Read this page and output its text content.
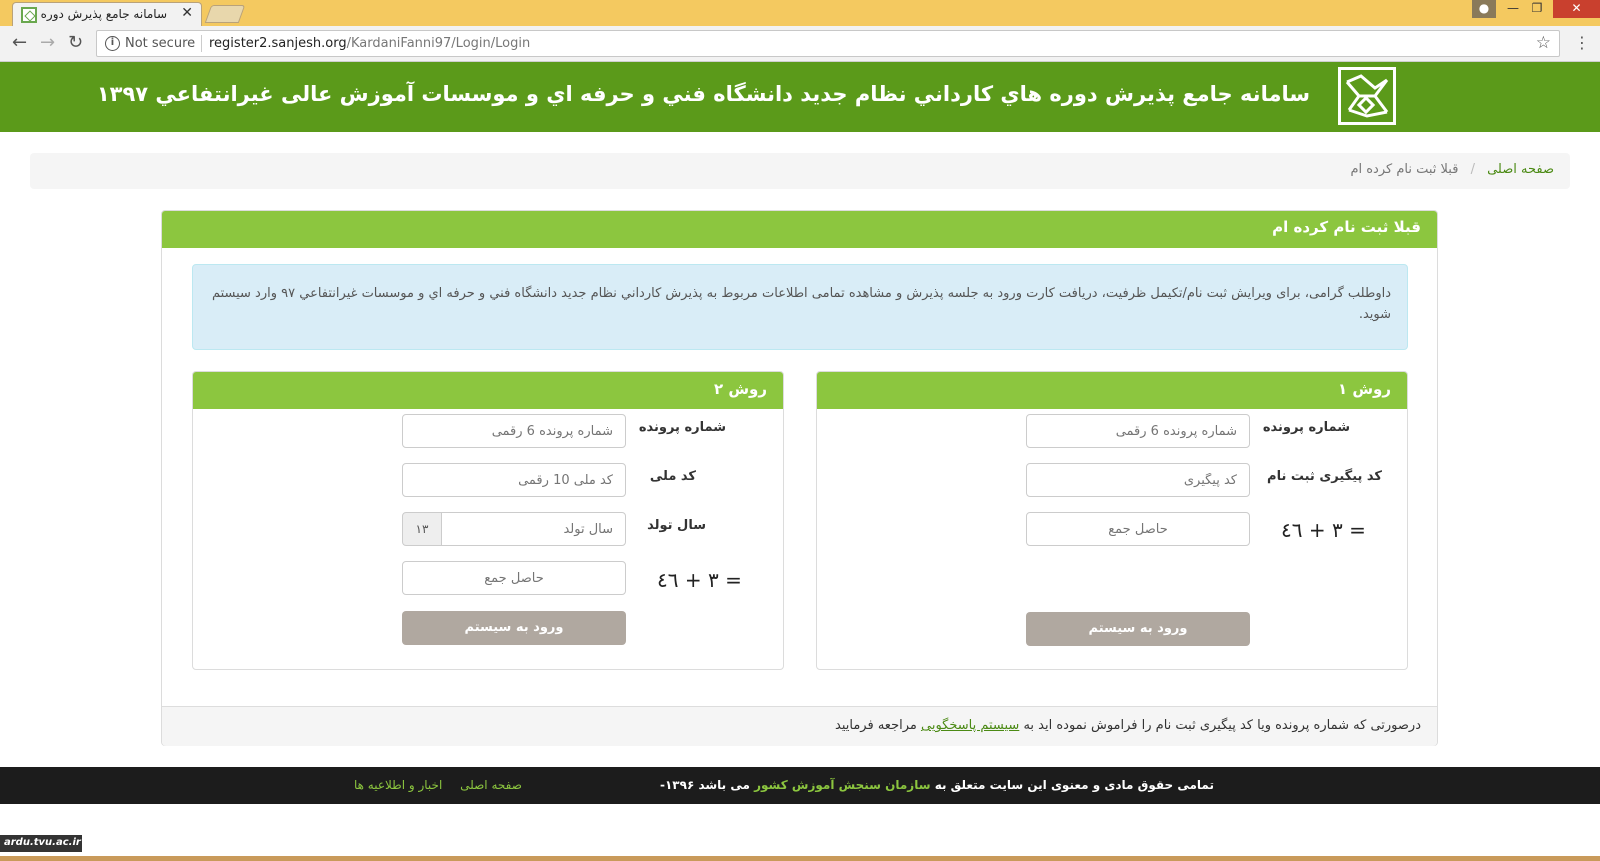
سامانه جامع پذيرش دوره ✕	●	—	❐	✕
← → ↻	i Not secure register2.sanjesh.org/KardaniFanni97/Login/Login	☆ ⋮
سامانه جامع پذيرش دوره هاي كارداني نظام جديد دانشگاه فني و حرفه اي و موسسات آموزش عالی غيرانتفاعي ۱۳۹۷
صفحه اصلی / قبلا ثبت نام کرده ام
قبلا ثبت نام کرده ام
داوطلب گرامی، برای ویرایش ثبت نام/تکیمل ظرفیت، دریافت کارت ورود به جلسه پذیرش و مشاهده تمامی اطلاعات مربوط به پذیرش كارداني نظام جديد دانشگاه فني و حرفه اي و موسسات غيرانتفاعي ۹۷ وارد سیستم شوید.
روش ۱
شماره پرونده
شماره پرونده 6 رقمی
کد پیگیری ثبت نام
کد پیگیری
حاصل جمع
٣ + ٤٦ =
ورود به سیستم
روش ۲
شماره پرونده
شماره پرونده 6 رقمی
کد ملی
کد ملی 10 رقمی
سال تولد
سال تولد
۱۳
حاصل جمع
٣ + ٤٦ =
ورود به سیستم
درصورتی که شماره پرونده ویا کد پیگیری ثبت نام را فراموش نموده اید به سیستم پاسخگویی مراجعه فرمایید
تمامی حقوق مادی و معنوی این سایت متعلق به سازمان سنجش آموزش کشور می باشد ۱۳۹۶-
صفحه اصلی اخبار و اطلاعیه ها
ardu.tvu.ac.ir
